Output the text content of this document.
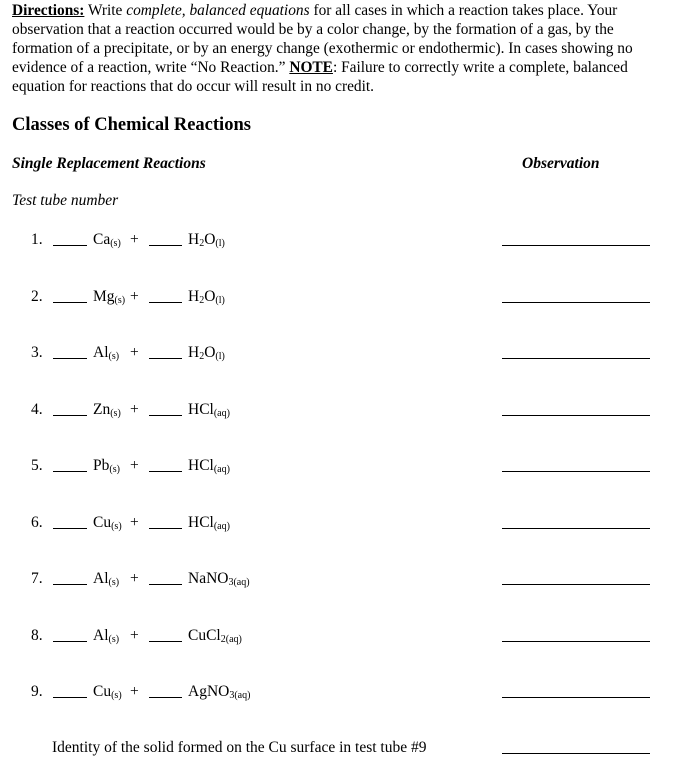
Directions: Write complete, balanced equations for all cases in which a reaction takes place. Your observation that a reaction occurred would be by a color change, by the formation of a gas, by the formation of a precipitate, or by an energy change (exothermic or endothermic). In cases showing no evidence of a reaction, write “No Reaction.” NOTE: Failure to correctly write a complete, balanced equation for reactions that do occur will result in no credit.
Classes of Chemical Reactions
Single Replacement Reactions	Observation
Test tube number
1.	Ca(s) +	$H_2O(l)$
2.	Mg(s) +	$H_2O(l)$
3.	Al(s) +	$H_2O(l)$
4.	Zn(s) +	HCl(aq)
5.	Pb(s) +	HCl(aq)
6.	Cu(s) +	HCl(aq)
7.	Al(s) +	NaNO$_3$(aq)
8.	Al(s) +	CuCl$_2$(aq)
9.	Cu(s) +	AgNO$_3$(aq)
Identity of the solid formed on the Cu surface in test tube #9
